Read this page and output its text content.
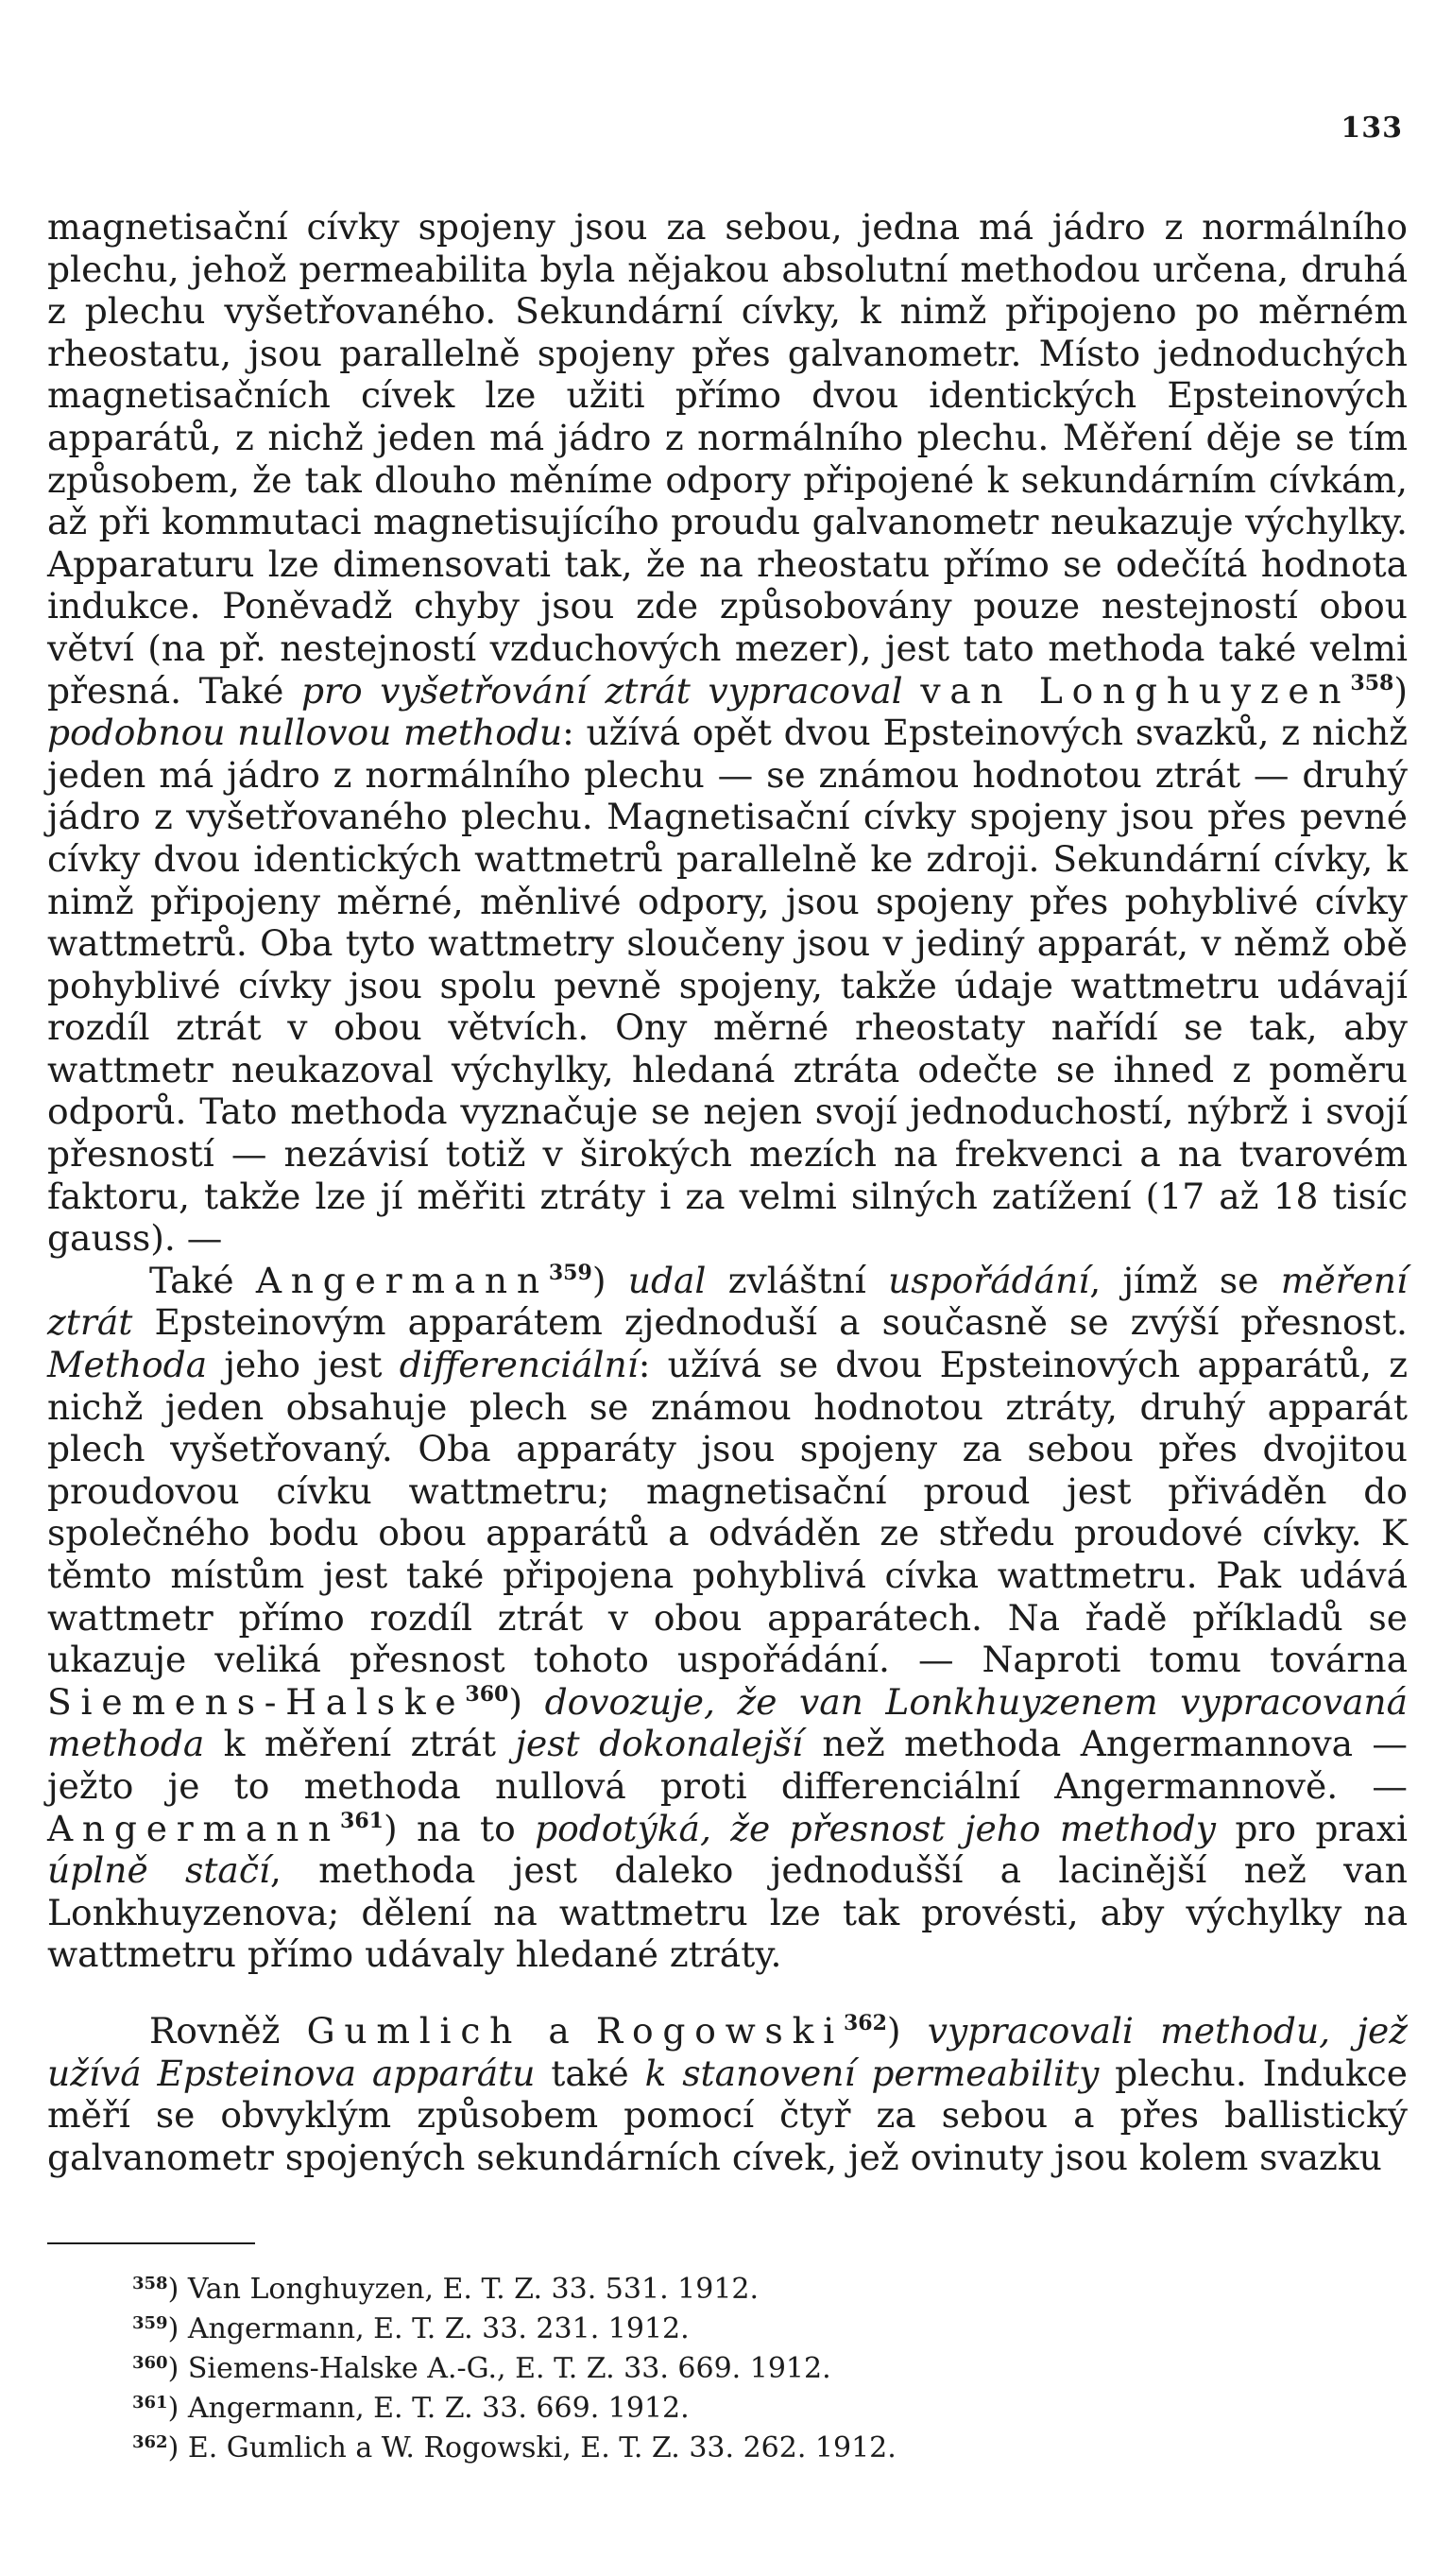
133

magnetisační cívky spojeny jsou za sebou, jedna má jádro z normálního plechu, jehož permeabilita byla nějakou absolutní methodou určena, druhá z plechu vyšetřovaného. Sekundární cívky, k nimž připojeno po měrném rheostatu, jsou parallelně spojeny přes galvanometr. Místo jednoduchých magnetisačních cívek lze užiti přímo dvou identických Epsteinových apparátů, z nichž jeden má jádro z normálního plechu. Měření děje se tím způsobem, že tak dlouho měníme odpory připojené k sekundárním cívkám, až při kommutaci magnetisujícího proudu galvanometr neukazuje výchylky. Apparaturu lze dimensovati tak, že na rheostatu přímo se odečítá hodnota indukce. Poněvadž chyby jsou zde způsobovány pouze nestejností obou větví (na př. nestejností vzduchových mezer), jest tato methoda také velmi přesná. Také pro vyšetřování ztrát vypracoval van Longhuyzen$^{358}$) podobnou nullovou methodu: užívá opět dvou Epsteinových svazků, z nichž jeden má jádro z normálního plechu — se známou hodnotou ztrát — druhý jádro z vyšetřovaného plechu. Magnetisační cívky spojeny jsou přes pevné cívky dvou identických wattmetrů parallelně ke zdroji. Sekundární cívky, k nimž připojeny měrné, měnlivé odpory, jsou spojeny přes pohyblivé cívky wattmetrů. Oba tyto wattmetry sloučeny jsou v jediný apparát, v němž obě pohyblivé cívky jsou spolu pevně spojeny, takže údaje wattmetru udávají rozdíl ztrát v obou větvích. Ony měrné rheostaty nařídí se tak, aby wattmetr neukazoval výchylky, hledaná ztráta odečte se ihned z poměru odporů. Tato methoda vyznačuje se nejen svojí jednoduchostí, nýbrž i svojí přesností — nezávisí totiž v širokých mezích na frekvenci a na tvarovém faktoru, takže lze jí měřiti ztráty i za velmi silných zatížení (17 až 18 tisíc gauss). —

Také Angermann$^{359}$) udal zvláštní uspořádání, jímž se měření ztrát Epsteinovým apparátem zjednoduší a současně se zvýší přesnost. Methoda jeho jest differenciální: užívá se dvou Epsteinových apparátů, z nichž jeden obsahuje plech se známou hodnotou ztráty, druhý apparát plech vyšetřovaný. Oba apparáty jsou spojeny za sebou přes dvojitou proudovou cívku wattmetru; magnetisační proud jest přiváděn do společného bodu obou apparátů a odváděn ze středu proudové cívky. K těmto místům jest také připojena pohyblivá cívka wattmetru. Pak udává wattmetr přímo rozdíl ztrát v obou apparátech. Na řadě příkladů se ukazuje veliká přesnost tohoto uspořádání. — Naproti tomu továrna Siemens-Halske$^{360}$) dovozuje, že van Lonkhuyzenem vypracovaná methoda k měření ztrát jest dokonalejší než methoda Angermannova — ježto je to methoda nullová proti differenciální Angermannově. — Angermann$^{361}$) na to podotýká, že přesnost jeho methody pro praxi úplně stačí, methoda jest daleko jednodušší a lacinější než van Lonkhuyzenova; dělení na wattmetru lze tak provésti, aby výchylky na wattmetru přímo udávaly hledané ztráty.

Rovněž Gumlich a Rogowski$^{362}$) vypracovali methodu, jež užívá Epsteinova apparátu také k stanovení permeability plechu. Indukce měří se obvyklým způsobem pomocí čtyř za sebou a přes ballistický galvanometr spojených sekundárních cívek, jež ovinuty jsou kolem svazku

$^{358}$) Van Longhuyzen, E. T. Z. 33. 531. 1912.

$^{359}$) Angermann, E. T. Z. 33. 231. 1912.

$^{360}$) Siemens-Halske A.-G., E. T. Z. 33. 669. 1912.

$^{361}$) Angermann, E. T. Z. 33. 669. 1912.

$^{362}$) E. Gumlich a W. Rogowski, E. T. Z. 33. 262. 1912.
